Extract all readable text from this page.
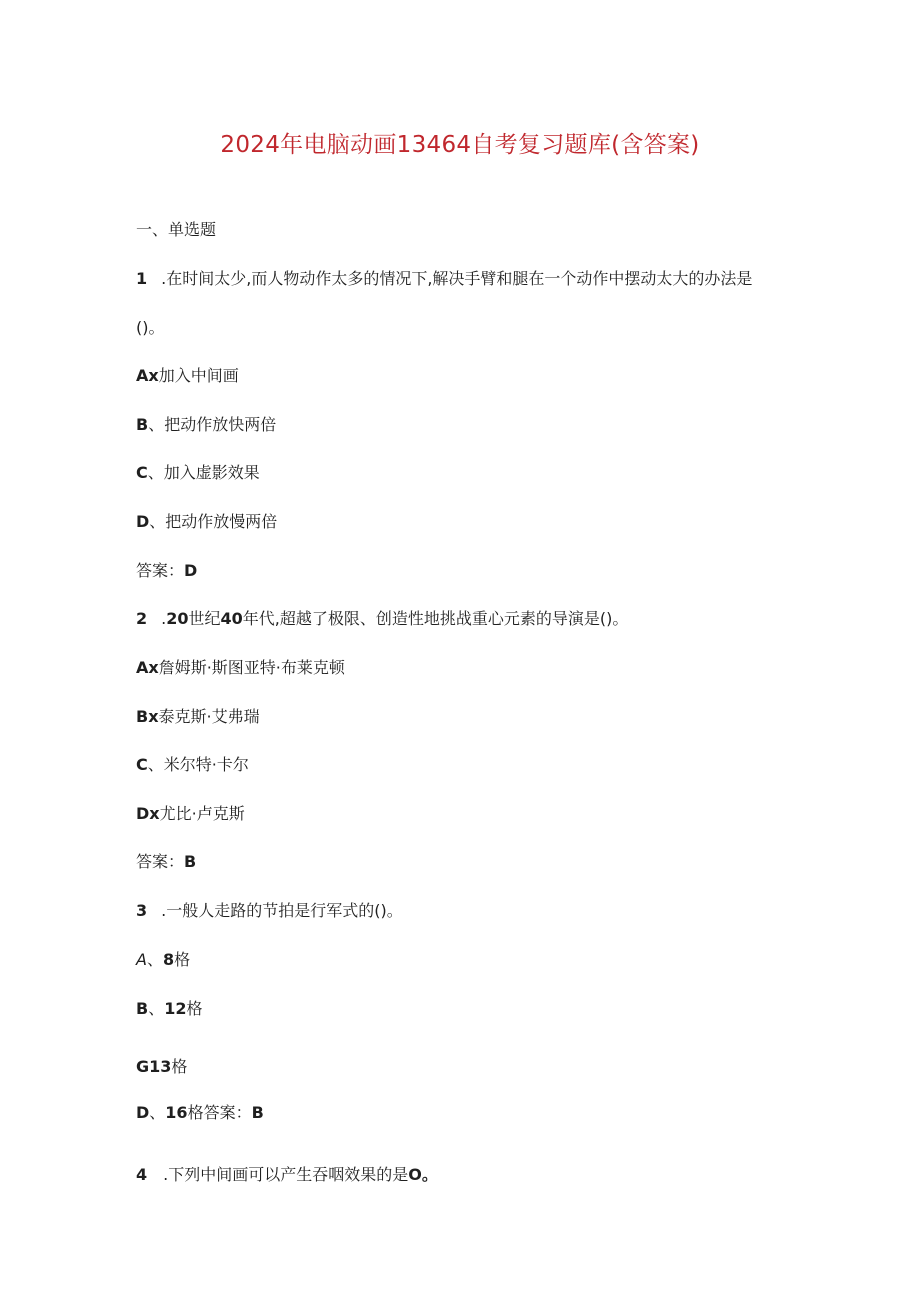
2024年电脑动画13464自考复习题库(含答案)
一、单选题
1 .在时间太少,而人物动作太多的情况下,解决手臂和腿在一个动作中摆动太大的办法是
()。
Ax加入中间画
B、把动作放快两倍
C、加入虚影效果
D、把动作放慢两倍
答案：D
2 .20世纪40年代,超越了极限、创造性地挑战重心元素的导演是()。
Ax詹姆斯·斯图亚特·布莱克顿
Bx泰克斯·艾弗瑞
C、米尔特·卡尔
Dx尤比·卢克斯
答案：B
3 .一般人走路的节拍是行军式的()。
A、8格
B、12格
G13格
D、16格答案：B
4 .下列中间画可以产生吞咽效果的是O。
